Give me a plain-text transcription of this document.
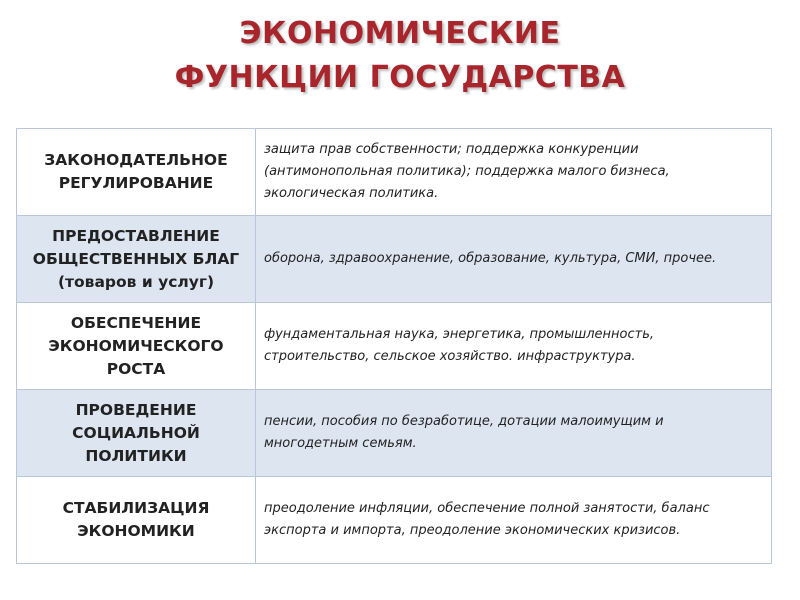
ЭКОНОМИЧЕСКИЕ
ФУНКЦИИ ГОСУДАРСТВА
ЗАКОНОДАТЕЛЬНОЕ
РЕГУЛИРОВАНИЕ	защита прав собственности; поддержка конкуренции (антимонопольная политика); поддержка малого бизнеса, экологическая политика.
ПРЕДОСТАВЛЕНИЕ
ОБЩЕСТВЕННЫХ БЛАГ
(товаров и услуг)	оборона, здравоохранение, образование, культура, СМИ, прочее.
ОБЕСПЕЧЕНИЕ
ЭКОНОМИЧЕСКОГО
РОСТА	фундаментальная наука, энергетика, промышленность, строительство, сельское хозяйство. инфраструктура.
ПРОВЕДЕНИЕ
СОЦИАЛЬНОЙ
ПОЛИТИКИ	пенсии, пособия по безработице, дотации малоимущим и многодетным семьям.
СТАБИЛИЗАЦИЯ
ЭКОНОМИКИ	преодоление инфляции, обеспечение полной занятости, баланс экспорта и импорта, преодоление экономических кризисов.
